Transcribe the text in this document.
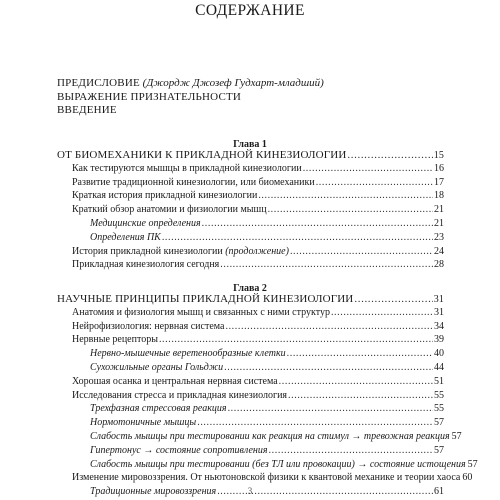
СОДЕРЖАНИЕ
ПРЕДИСЛОВИЕ (Джордж Джозеф Гудхарт-младший)
ВЫРАЖЕНИЕ ПРИЗНАТЕЛЬНОСТИ
ВВЕДЕНИЕ
Глава 1
ОТ БИОМЕХАНИКИ К ПРИКЛАДНОЙ КИНЕЗИОЛОГИИ .....	15
Как тестируются мышцы в прикладной кинезиологии .....	16
Развитие традиционной кинезиологии, или биомеханики .....	17
Краткая история прикладной кинезиологии .....	18
Краткий обзор анатомии и физиологии мышц .....	21
Медицинские определения .....	21
Определения ПК .....	23
История прикладной кинезиологии (продолжение) .....	24
Прикладная кинезиология сегодня .....	28
Глава 2
НАУЧНЫЕ ПРИНЦИПЫ ПРИКЛАДНОЙ КИНЕЗИОЛОГИИ .....	31
Анатомия и физиология мышц и связанных с ними структур .....	31
Нейрофизиология: нервная система .....	34
Нервные рецепторы .....	39
Нервно-мышечные веретенообразные клетки .....	40
Сухожильные органы Гольджи .....	44
Хорошая осанка и центральная нервная система .....	51
Исследования стресса и прикладная кинезиология .....	55
Трехфазная стрессовая реакция .....	55
Нормотоничные мышцы .....	57
Слабость мышцы при тестировании как реакция на стимул → тревожная реакция 57
Гипертонус → состояние сопротивления .....	57
Слабость мышцы при тестировании (без ТЛ или провокации) → состояние истощения 57
Изменение мировоззрения. От ньютоновской физики к квантовой механике и теории хаоса 60
Традиционные мировоззрения .....	61
3
